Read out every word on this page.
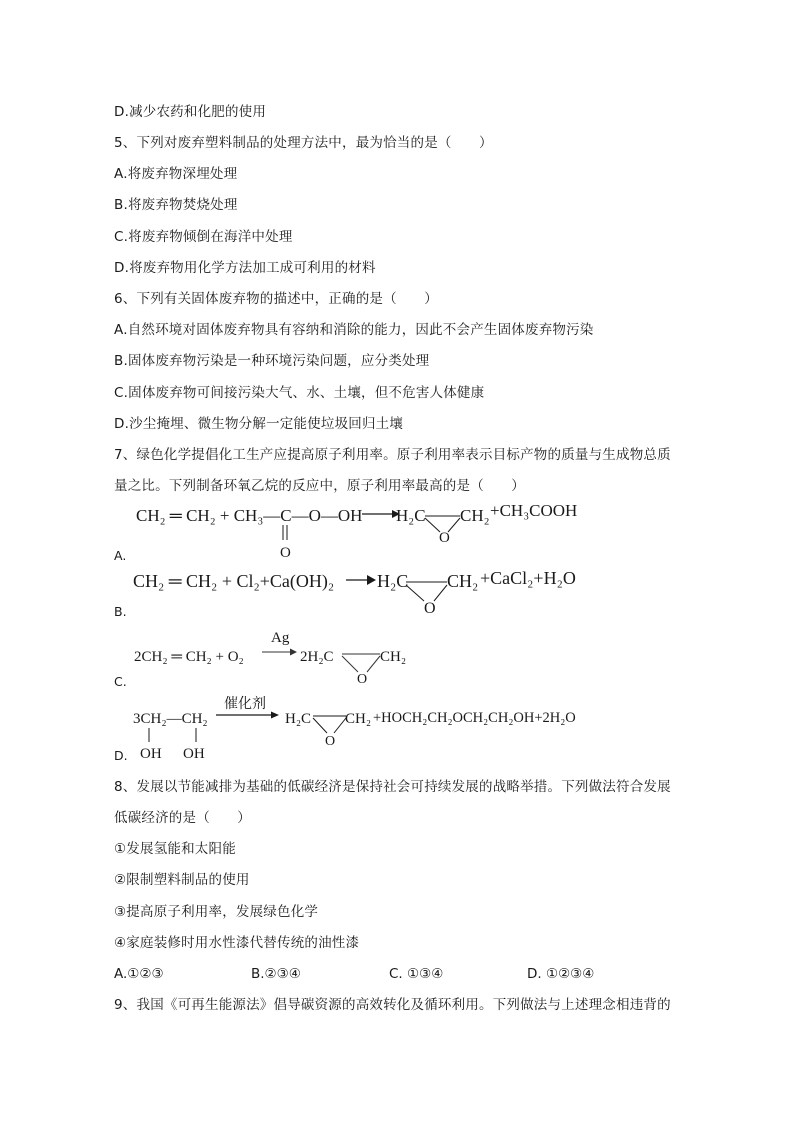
D.减少农药和化肥的使用
5、下列对废弃塑料制品的处理方法中，最为恰当的是（　　）
A.将废弃物深埋处理
B.将废弃物焚烧处理
C.将废弃物倾倒在海洋中处理
D.将废弃物用化学方法加工成可利用的材料
6、下列有关固体废弃物的描述中，正确的是（　　）
A.自然环境对固体废弃物具有容纳和消除的能力，因此不会产生固体废弃物污染
B.固体废弃物污染是一种环境污染问题，应分类处理
C.固体废弃物可间接污染大气、水、土壤，但不危害人体健康
D.沙尘掩埋、微生物分解一定能使垃圾回归土壤
7、绿色化学提倡化工生产应提高原子利用率。原子利用率表示目标产物的质量与生成物总质
量之比。下列制备环氧乙烷的反应中，原子利用率最高的是（　　）
A.
CH₂ ═ CH₂ + CH₃—C—O—OH
O
H₂C
O
CH₂ +CH₃COOH
B.
CH₂ ═ CH₂ + Cl₂+Ca(OH)₂ H₂C
O
CH₂ +CaCl₂+H₂O
C.
2CH₂ ═ CH₂ + O₂
Ag
2H₂C
O
CH₂
D.
3CH₂—CH₂
OH OH
催化剂
H₂C
O
CH₂ +HOCH₂CH₂OCH₂CH₂OH+2H₂O
8、发展以节能减排为基础的低碳经济是保持社会可持续发展的战略举措。下列做法符合发展
低碳经济的是（　　）
①发展氢能和太阳能
②限制塑料制品的使用
③提高原子利用率，发展绿色化学
④家庭装修时用水性漆代替传统的油性漆
A.①②③	B.②③④	C. ①③④	D. ①②③④
9、我国《可再生能源法》倡导碳资源的高效转化及循环利用。下列做法与上述理念相违背的
